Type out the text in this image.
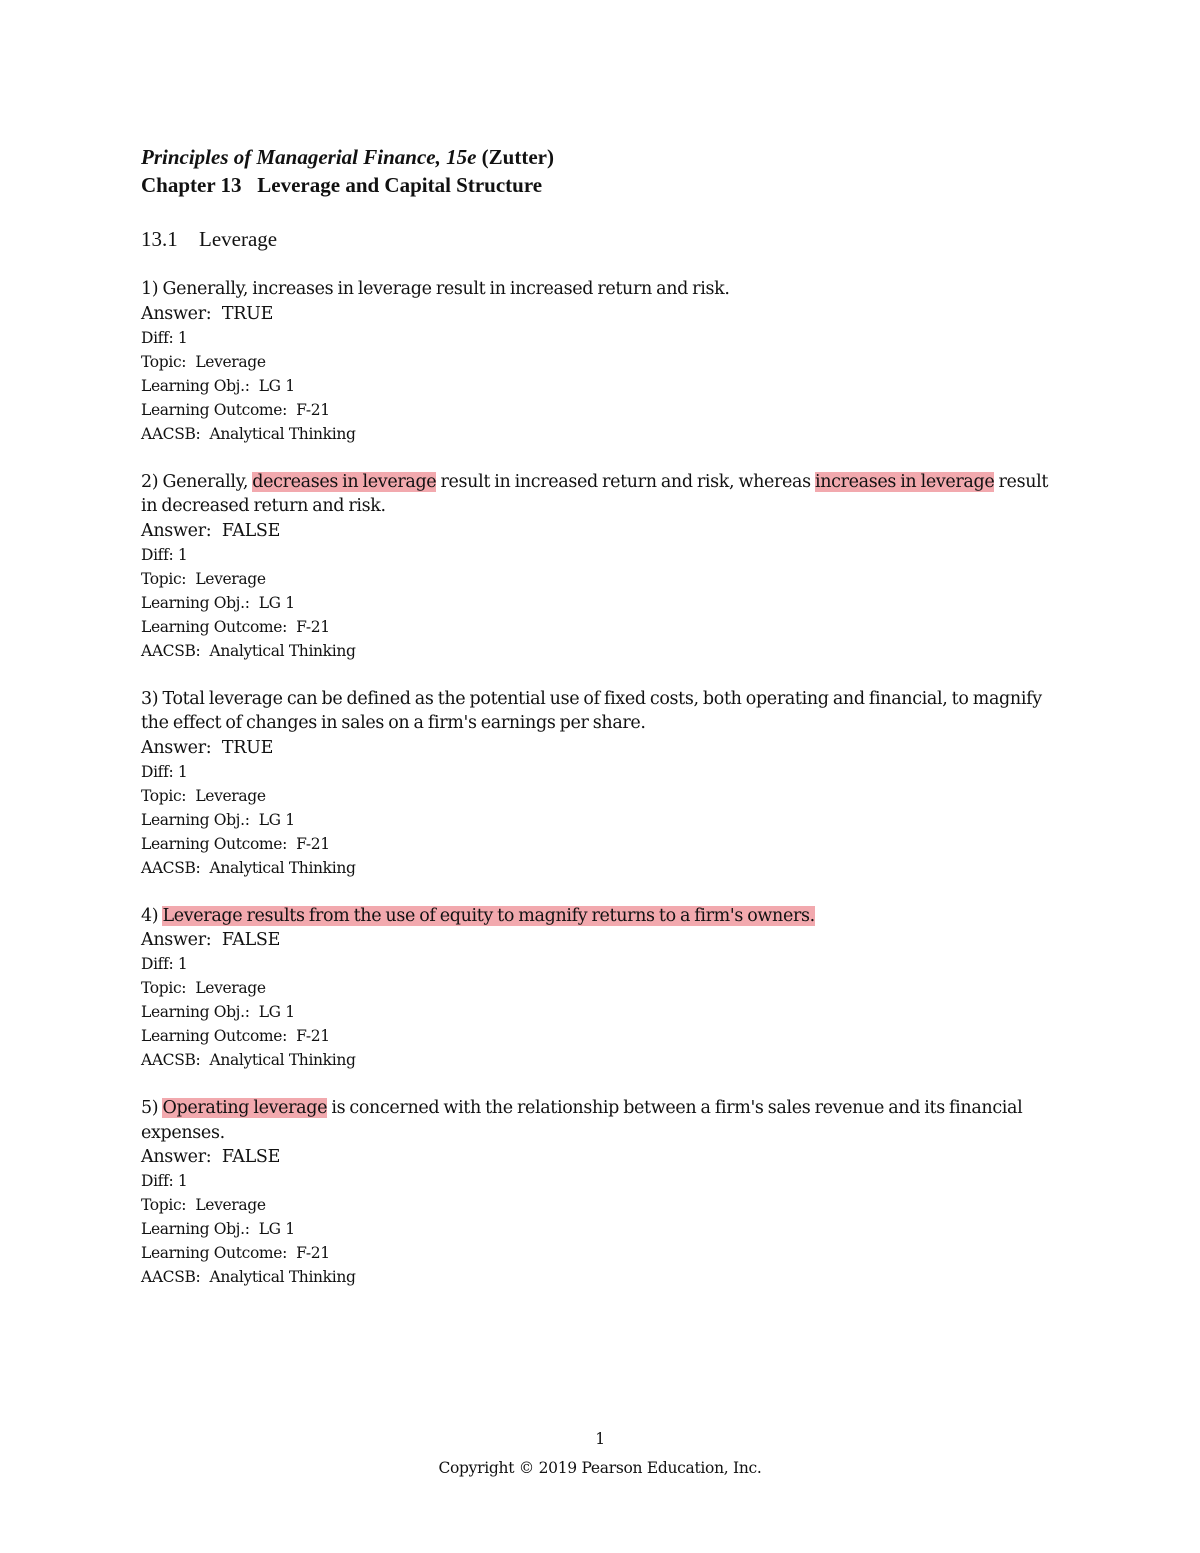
Principles of Managerial Finance, 15e (Zutter)

Chapter 13   Leverage and Capital Structure

13.1 Leverage

1) Generally, increases in leverage result in increased return and risk.
Answer:  TRUE
Diff: 1
Topic:  Leverage
Learning Obj.:  LG 1
Learning Outcome:  F-21
AACSB:  Analytical Thinking
2) Generally, decreases in leverage result in increased return and risk, whereas increases in leverage result in decreased return and risk.
Answer:  FALSE
Diff: 1
Topic:  Leverage
Learning Obj.:  LG 1
Learning Outcome:  F-21
AACSB:  Analytical Thinking
3) Total leverage can be defined as the potential use of fixed costs, both operating and financial, to magnify the effect of changes in sales on a firm's earnings per share.
Answer:  TRUE
Diff: 1
Topic:  Leverage
Learning Obj.:  LG 1
Learning Outcome:  F-21
AACSB:  Analytical Thinking
4) Leverage results from the use of equity to magnify returns to a firm's owners.
Answer:  FALSE
Diff: 1
Topic:  Leverage
Learning Obj.:  LG 1
Learning Outcome:  F-21
AACSB:  Analytical Thinking
5) Operating leverage is concerned with the relationship between a firm's sales revenue and its financial expenses.
Answer:  FALSE
Diff: 1
Topic:  Leverage
Learning Obj.:  LG 1
Learning Outcome:  F-21
AACSB:  Analytical Thinking
1
Copyright © 2019 Pearson Education, Inc.
